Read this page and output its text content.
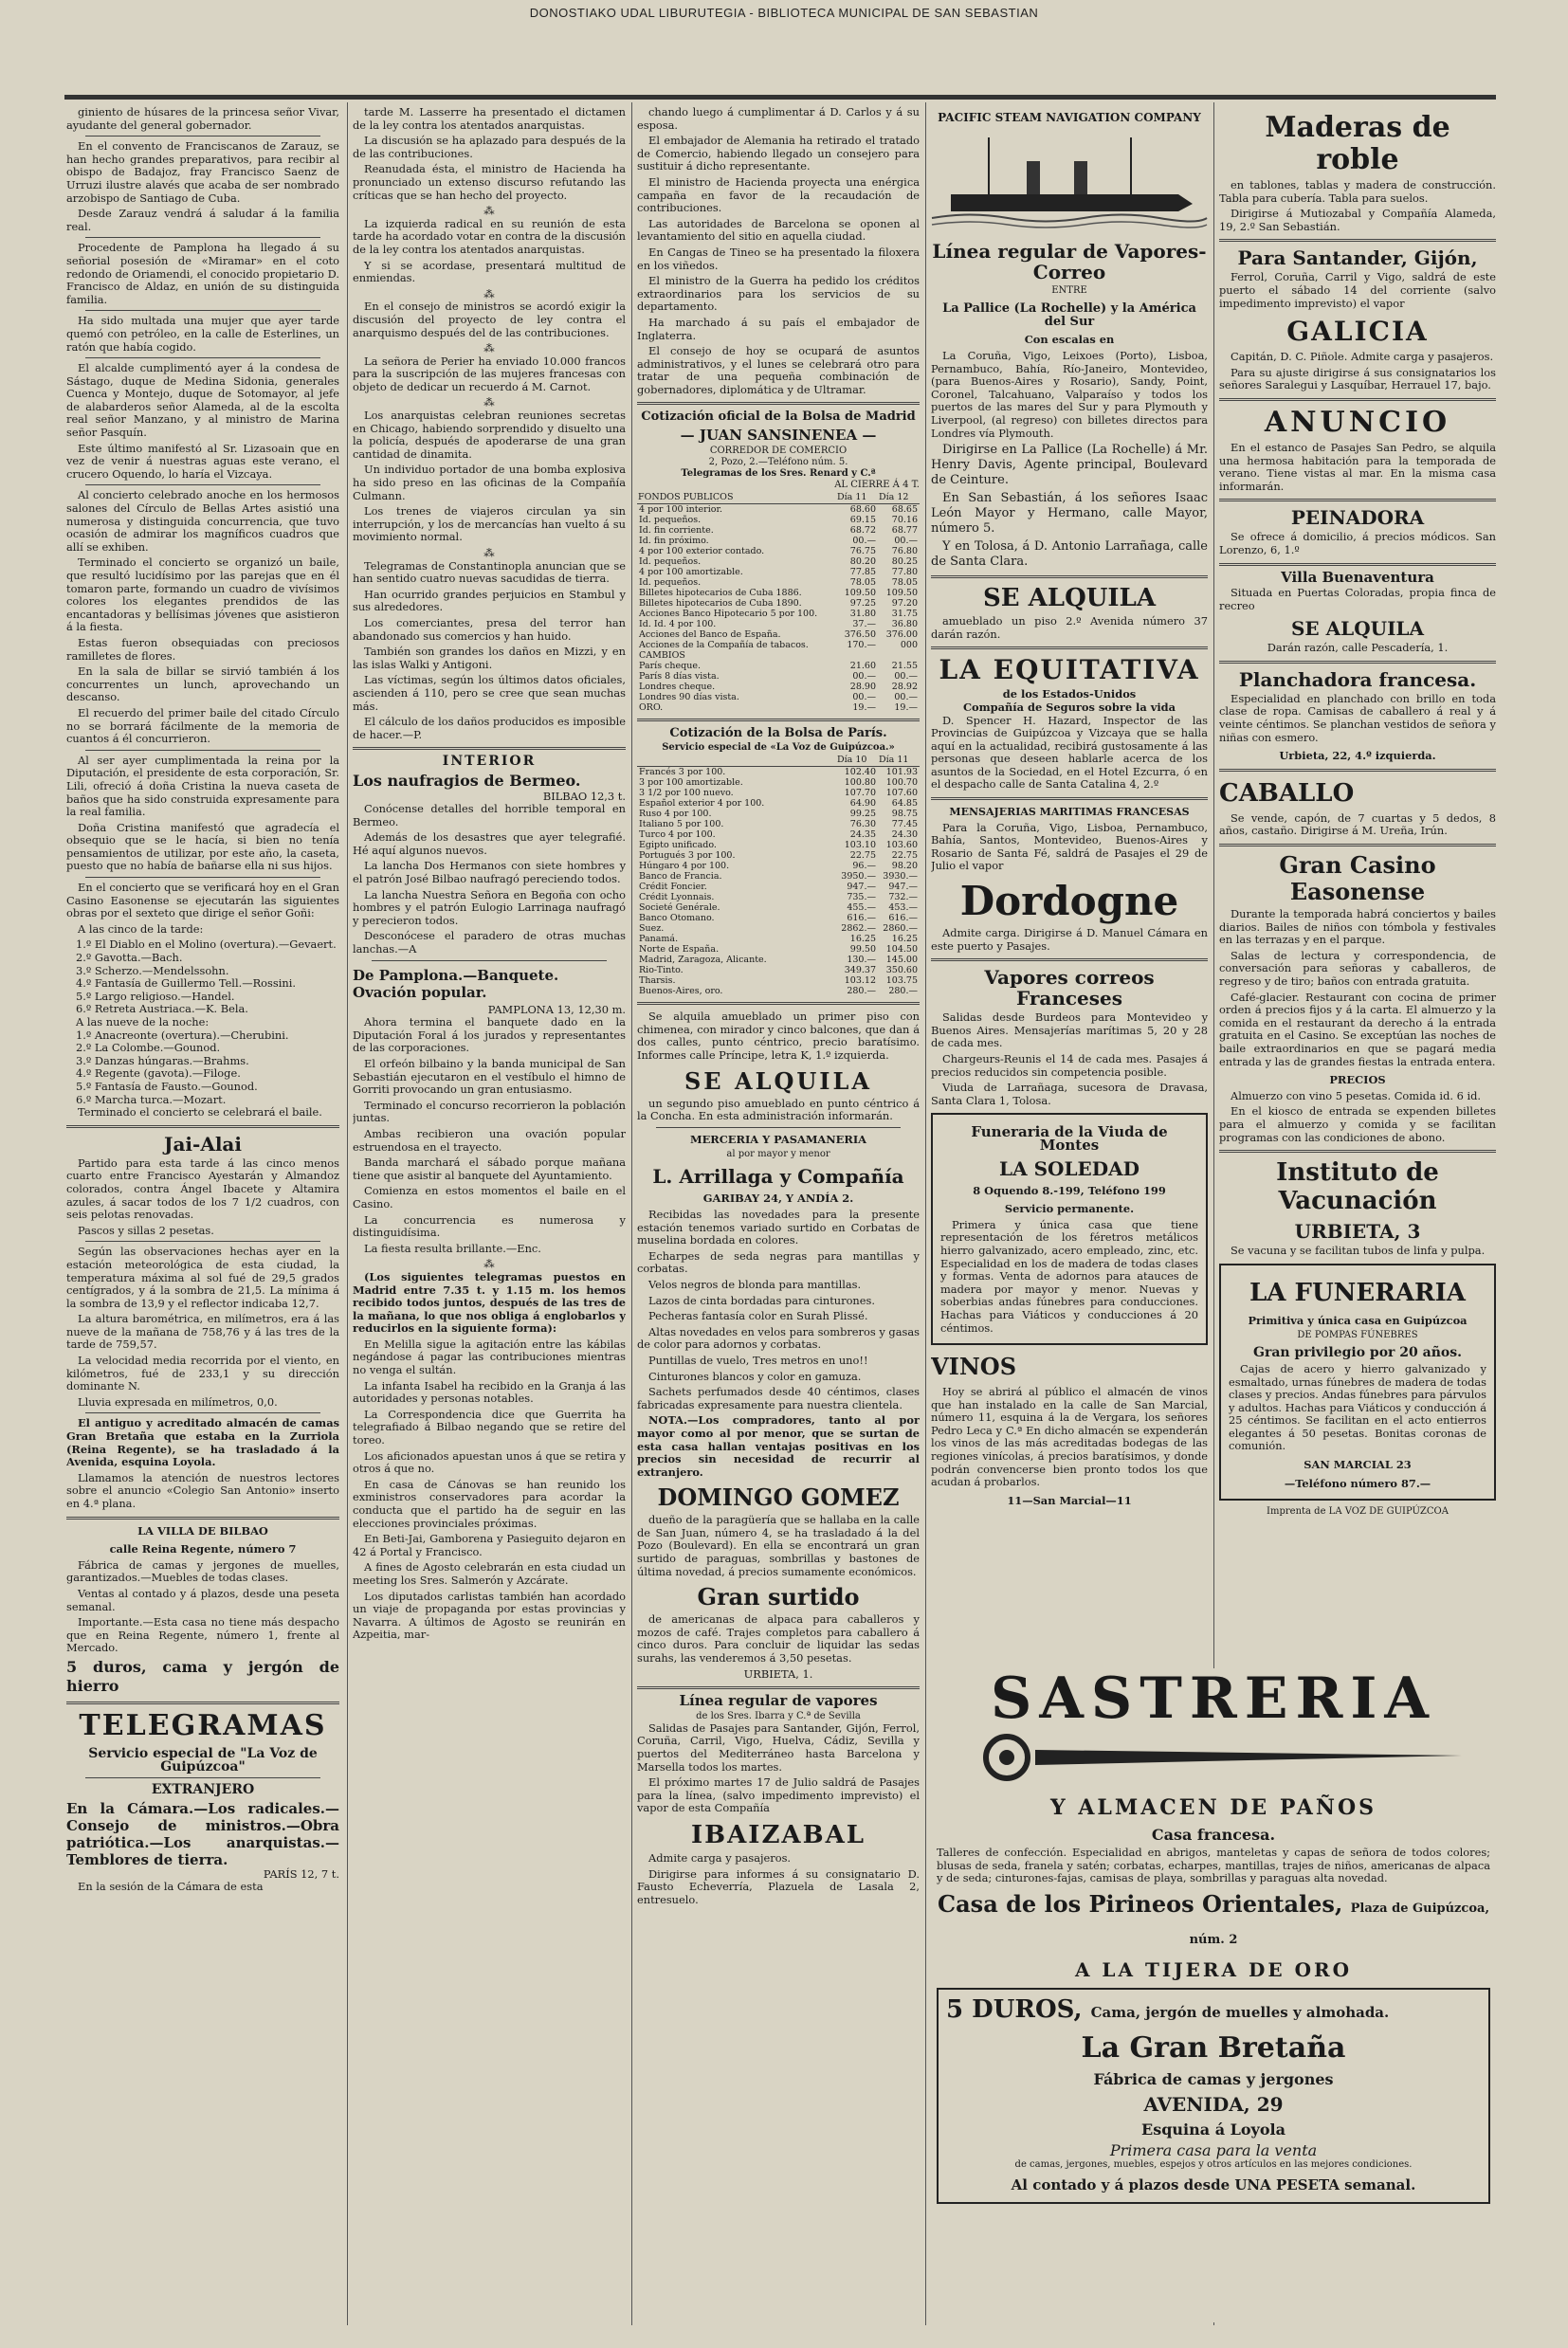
DONOSTIAKO UDAL LIBURUTEGIA - BIBLIOTECA MUNICIPAL DE SAN SEBASTIAN

giniento de húsares de la princesa señor Vivar, ayudante del general gobernador.

En el convento de Franciscanos de Zarauz, se han hecho grandes preparativos, para recibir al obispo de Badajoz, fray Francisco Saenz de Urruzi ilustre alavés que acaba de ser nombrado arzobispo de Santiago de Cuba.

Desde Zarauz vendrá á saludar á la familia real.

Procedente de Pamplona ha llegado á su señorial posesión de «Miramar» en el coto redondo de Oriamendi, el conocido propietario D. Francisco de Aldaz, en unión de su distinguida familia.

Ha sido multada una mujer que ayer tarde quemó con petróleo, en la calle de Esterlines, un ratón que había cogido.

El alcalde cumplimentó ayer á la condesa de Sástago, duque de Medina Sidonia, generales Cuenca y Montejo, duque de Sotomayor, al jefe de alabarderos señor Alameda, al de la escolta real señor Manzano, y al ministro de Marina señor Pasquín.

Este último manifestó al Sr. Lizasoain que en vez de venir á nuestras aguas este verano, el crucero Oquendo, lo haría el Vizcaya.

Al concierto celebrado anoche en los hermosos salones del Círculo de Bellas Artes asistió una numerosa y distinguida concurrencia, que tuvo ocasión de admirar los magníficos cuadros que allí se exhiben.

Terminado el concierto se organizó un baile, que resultó lucidísimo por las parejas que en él tomaron parte, formando un cuadro de vivísimos colores los elegantes prendidos de las encantadoras y bellísimas jóvenes que asistieron á la fiesta.

Estas fueron obsequiadas con preciosos ramilletes de flores.

En la sala de billar se sirvió también á los concurrentes un lunch, aprovechando un descanso.

El recuerdo del primer baile del citado Círculo no se borrará fácilmente de la memoria de cuantos á él concurrieron.

Al ser ayer cumplimentada la reina por la Diputación, el presidente de esta corporación, Sr. Lili, ofreció á doña Cristina la nueva caseta de baños que ha sido construida expresamente para la real familia.

Doña Cristina manifestó que agradecía el obsequio que se le hacía, si bien no tenía pensamientos de utilizar, por este año, la caseta, puesto que no había de bañarse ella ni sus hijos.

En el concierto que se verificará hoy en el Gran Casino Easonense se ejecutarán las siguientes obras por el sexteto que dirige el señor Goñi:

A las cinco de la tarde:

1.º El Diablo en el Molino (overtura).—Gevaert.
2.º Gavotta.—Bach.
3.º Scherzo.—Mendelssohn.
4.º Fantasía de Guillermo Tell.—Rossini.
5.º Largo religioso.—Handel.
6.º Retreta Austriaca.—K. Bela.
A las nueve de la noche:
1.º Anacreonte (overtura).—Cherubini.
2.º La Colombe.—Gounod.
3.º Danzas húngaras.—Brahms.
4.º Regente (gavota).—Filoge.
5.º Fantasía de Fausto.—Gounod.
6.º Marcha turca.—Mozart.

Terminado el concierto se celebrará el baile.

Jai-Alai

Partido para esta tarde á las cinco menos cuarto entre Francisco Ayestarán y Almandoz colorados, contra Ángel Ibacete y Altamira azules, á sacar todos de los 7 1/2 cuadros, con seis pelotas renovadas.

Pascos y sillas 2 pesetas.

Según las observaciones hechas ayer en la estación meteorológica de esta ciudad, la temperatura máxima al sol fué de 29,5 grados centígrados, y á la sombra de 21,5. La mínima á la sombra de 13,9 y el reflector indicaba 12,7.

La altura barométrica, en milímetros, era á las nueve de la mañana de 758,76 y á las tres de la tarde de 759,57.

La velocidad media recorrida por el viento, en kilómetros, fué de 233,1 y su dirección dominante N.

Lluvia expresada en milímetros, 0,0.

El antiguo y acreditado almacén de camas Gran Bretaña que estaba en la Zurriola (Reina Regente), se ha trasladado á la Avenida, esquina Loyola.

Llamamos la atención de nuestros lectores sobre el anuncio «Colegio San Antonio» inserto en 4.ª plana.

LA VILLA DE BILBAO
calle Reina Regente, número 7

Fábrica de camas y jergones de muelles, garantizados.—Muebles de todas clases.

Ventas al contado y á plazos, desde una peseta semanal.

Importante.—Esta casa no tiene más despacho que en Reina Regente, número 1, frente al Mercado.

5 duros, cama y jergón de hierro
TELEGRAMAS
Servicio especial de "La Voz de Guipúzcoa"
EXTRANJERO
En la Cámara.—Los radicales.—Consejo de ministros.—Obra patriótica.—Los anarquistas.—Temblores de tierra.
PARÍS 12, 7 t.

En la sesión de la Cámara de esta

tarde M. Lasserre ha presentado el dictamen de la ley contra los atentados anarquistas.

La discusión se ha aplazado para después de la de las contribuciones.

Reanudada ésta, el ministro de Hacienda ha pronunciado un extenso discurso refutando las críticas que se han hecho del proyecto.

⁂

La izquierda radical en su reunión de esta tarde ha acordado votar en contra de la discusión de la ley contra los atentados anarquistas.

Y si se acordase, presentará multitud de enmiendas.

⁂

En el consejo de ministros se acordó exigir la discusión del proyecto de ley contra el anarquismo después del de las contribuciones.

⁂

La señora de Perier ha enviado 10.000 francos para la suscripción de las mujeres francesas con objeto de dedicar un recuerdo á M. Carnot.

⁂

Los anarquistas celebran reuniones secretas en Chicago, habiendo sorprendido y disuelto una la policía, después de apoderarse de una gran cantidad de dinamita.

Un individuo portador de una bomba explosiva ha sido preso en las oficinas de la Compañía Culmann.

Los trenes de viajeros circulan ya sin interrupción, y los de mercancías han vuelto á su movimiento normal.

⁂

Telegramas de Constantinopla anuncian que se han sentido cuatro nuevas sacudidas de tierra.

Han ocurrido grandes perjuicios en Stambul y sus alrededores.

Los comerciantes, presa del terror han abandonado sus comercios y han huido.

También son grandes los daños en Mizzi, y en las islas Walki y Antigoni.

Las víctimas, según los últimos datos oficiales, ascienden á 110, pero se cree que sean muchas más.

El cálculo de los daños producidos es imposible de hacer.—P.

INTERIOR
Los naufragios de Bermeo.
BILBAO 12,3 t.

Conócense detalles del horrible temporal en Bermeo.

Además de los desastres que ayer telegrafié. Hé aquí algunos nuevos.

La lancha Dos Hermanos con siete hombres y el patrón José Bilbao naufragó pereciendo todos.

La lancha Nuestra Señora en Begoña con ocho hombres y el patrón Eulogio Larrinaga naufragó y perecieron todos.

Desconócese el paradero de otras muchas lanchas.—A

De Pamplona.—Banquete. Ovación popular.
PAMPLONA 13, 12,30 m.

Ahora termina el banquete dado en la Diputación Foral á los jurados y representantes de las corporaciones.

El orfeón bilbaino y la banda municipal de San Sebastián ejecutaron en el vestíbulo el himno de Gorriti provocando un gran entusiasmo.

Terminado el concurso recorrieron la población juntas.

Ambas recibieron una ovación popular estruendosa en el trayecto.

Banda marchará el sábado porque mañana tiene que asistir al banquete del Ayuntamiento.

Comienza en estos momentos el baile en el Casino.

La concurrencia es numerosa y distinguidísima.

La fiesta resulta brillante.—Enc.

⁂

(Los siguientes telegramas puestos en Madrid entre 7.35 t. y 1.15 m. los hemos recibido todos juntos, después de las tres de la mañana, lo que nos obliga á englobarlos y reducirlos en la siguiente forma):

En Melilla sigue la agitación entre las kábilas negándose á pagar las contribuciones mientras no venga el sultán.

La infanta Isabel ha recibido en la Granja á las autoridades y personas notables.

La Correspondencia dice que Guerrita ha telegrafiado á Bilbao negando que se retire del toreo.

Los aficionados apuestan unos á que se retira y otros á que no.

En casa de Cánovas se han reunido los exministros conservadores para acordar la conducta que el partido ha de seguir en las elecciones provinciales próximas.

En Beti-Jai, Gamborena y Pasieguito dejaron en 42 á Portal y Francisco.

A fines de Agosto celebrarán en esta ciudad un meeting los Sres. Salmerón y Azcárate.

Los diputados carlistas también han acordado un viaje de propaganda por estas provincias y Navarra. A últimos de Agosto se reunirán en Azpeitia, mar-

chando luego á cumplimentar á D. Carlos y á su esposa.

El embajador de Alemania ha retirado el tratado de Comercio, habiendo llegado un consejero para sustituir á dicho representante.

El ministro de Hacienda proyecta una enérgica campaña en favor de la recaudación de contribuciones.

Las autoridades de Barcelona se oponen al levantamiento del sitio en aquella ciudad.

En Cangas de Tineo se ha presentado la filoxera en los viñedos.

El ministro de la Guerra ha pedido los créditos extraordinarios para los servicios de su departamento.

Ha marchado á su país el embajador de Inglaterra.

El consejo de hoy se ocupará de asuntos administrativos, y el lunes se celebrará otro para tratar de una pequeña combinación de gobernadores, diplomática y de Ultramar.

Cotización oficial de la Bolsa de Madrid
— JUAN SANSINENEA —
CORREDOR DE COMERCIO
2, Pozo, 2.—Teléfono núm. 5.
Telegramas de los Sres. Renard y C.ª
AL CIERRE Á 4 T.
FONDOS PUBLICOS	Día 11	Día 12
4 por 100 interior.	68.60	68.65
Id. pequeños.	69.15	70.16
Id. fin corriente.	68.72	68.77
Id. fin próximo.	00.—	00.—
4 por 100 exterior contado.	76.75	76.80
Id. pequeños.	80.20	80.25
4 por 100 amortizable.	77.85	77.80
Id. pequeños.	78.05	78.05
Billetes hipotecarios de Cuba 1886.	109.50	109.50
Billetes hipotecarios de Cuba 1890.	97.25	97.20
Acciones Banco Hipotecario 5 por 100.	31.80	31.75
Id. Id. 4 por 100.	37.—	36.80
Acciones del Banco de España.	376.50	376.00
Acciones de la Compañía de tabacos.	170.—	000
CAMBIOS		
París cheque.	21.60	21.55
París 8 días vista.	00.—	00.—
Londres cheque.	28.90	28.92
Londres 90 días vista.	00.—	00.—
ORO.	19.—	19.—
Cotización de la Bolsa de París.
Servicio especial de «La Voz de Guipúzcoa.»
	Día 10	Día 11
Francés 3 por 100.	102.40	101.93
3 por 100 amortizable.	100.80	100.70
3 1/2 por 100 nuevo.	107.70	107.60
Español exterior 4 por 100.	64.90	64.85
Ruso 4 por 100.	99.25	98.75
Italiano 5 por 100.	76.30	77.45
Turco 4 por 100.	24.35	24.30
Egipto unificado.	103.10	103.60
Portugués 3 por 100.	22.75	22.75
Húngaro 4 por 100.	96.—	98.20
Banco de Francia.	3950.—	3930.—
Crédit Foncier.	947.—	947.—
Crédit Lyonnais.	735.—	732.—
Societé Genérale.	455.—	453.—
Banco Otomano.	616.—	616.—
Suez.	2862.—	2860.—
Panamá.	16.25	16.25
Norte de España.	99.50	104.50
Madrid, Zaragoza, Alicante.	130.—	145.00
Rio-Tinto.	349.37	350.60
Tharsis.	103.12	103.75
Buenos-Aires, oro.	280.—	280.—

Se alquila amueblado un primer piso con chimenea, con mirador y cinco balcones, que dan á dos calles, punto céntrico, precio baratísimo. Informes calle Príncipe, letra K, 1.º izquierda.

SE ALQUILA

un segundo piso amueblado en punto céntrico á la Concha. En esta administración informarán.

MERCERIA Y PASAMANERIA
al por mayor y menor
L. Arrillaga y Compañía
GARIBAY 24, Y ANDÍA 2.

Recibidas las novedades para la presente estación tenemos variado surtido en Corbatas de muselina bordada en colores.

Echarpes de seda negras para mantillas y corbatas.

Velos negros de blonda para mantillas.

Lazos de cinta bordadas para cinturones.

Pecheras fantasía color en Surah Plissé.

Altas novedades en velos para sombreros y gasas de color para adornos y corbatas.

Puntillas de vuelo, Tres metros en uno!!

Cinturones blancos y color en gamuza.

Sachets perfumados desde 40 céntimos, clases fabricadas expresamente para nuestra clientela.

NOTA.—Los compradores, tanto al por mayor como al por menor, que se surtan de esta casa hallan ventajas positivas en los precios sin necesidad de recurrir al extranjero.

DOMINGO GOMEZ

dueño de la paragüería que se hallaba en la calle de San Juan, número 4, se ha trasladado á la del Pozo (Boulevard). En ella se encontrará un gran surtido de paraguas, sombrillas y bastones de última novedad, á precios sumamente económicos.

Gran surtido

de americanas de alpaca para caballeros y mozos de café. Trajes completos para caballero á cinco duros. Para concluir de liquidar las sedas surahs, las venderemos á 3,50 pesetas.

URBIETA, 1.
Línea regular de vapores
de los Sres. Ibarra y C.ª de Sevilla

Salidas de Pasajes para Santander, Gijón, Ferrol, Coruña, Carril, Vigo, Huelva, Cádiz, Sevilla y puertos del Mediterráneo hasta Barcelona y Marsella todos los martes.

El próximo martes 17 de Julio saldrá de Pasajes para la línea, (salvo impedimento imprevisto) el vapor de esta Compañía

IBAIZABAL

Admite carga y pasajeros.

Dirigirse para informes á su consignatario D. Fausto Echeverría, Plazuela de Lasala 2, entresuelo.

PACIFIC STEAM NAVIGATION COMPANY
Línea regular de Vapores-Correo
ENTRE
La Pallice (La Rochelle) y la América del Sur
Con escalas en

La Coruña, Vigo, Leixoes (Porto), Lisboa, Pernambuco, Bahía, Río-Janeiro, Montevideo, (para Buenos-Aires y Rosario), Sandy, Point, Coronel, Talcahuano, Valparaíso y todos los puertos de las mares del Sur y para Plymouth y Liverpool, (al regreso) con billetes directos para Londres vía Plymouth.

Dirigirse en La Pallice (La Rochelle) á Mr. Henry Davis, Agente principal, Boulevard de Ceinture.

En San Sebastián, á los señores Isaac León Mayor y Hermano, calle Mayor, número 5.

Y en Tolosa, á D. Antonio Larrañaga, calle de Santa Clara.

SE ALQUILA

amueblado un piso 2.º Avenida número 37 darán razón.

LA EQUITATIVA
de los Estados-Unidos
Compañía de Seguros sobre la vida

D. Spencer H. Hazard, Inspector de las Provincias de Guipúzcoa y Vizcaya que se halla aquí en la actualidad, recibirá gustosamente á las personas que deseen hablarle acerca de los asuntos de la Sociedad, en el Hotel Ezcurra, ó en el despacho calle de Santa Catalina 4, 2.º

MENSAJERIAS MARITIMAS FRANCESAS

Para la Coruña, Vigo, Lisboa, Pernambuco, Bahía, Santos, Montevideo, Buenos-Aires y Rosario de Santa Fé, saldrá de Pasajes el 29 de Julio el vapor

Dordogne

Admite carga. Dirigirse á D. Manuel Cámara en este puerto y Pasajes.

Vapores correos Franceses

Salidas desde Burdeos para Montevideo y Buenos Aires. Mensajerías marítimas 5, 20 y 28 de cada mes.

Chargeurs-Reunis el 14 de cada mes. Pasajes á precios reducidos sin competencia posible.

Viuda de Larrañaga, sucesora de Dravasa, Santa Clara 1, Tolosa.

Funeraria de la Viuda de Montes
LA SOLEDAD
8 Oquendo 8.-199, Teléfono 199
Servicio permanente.

Primera y única casa que tiene representación de los féretros metálicos hierro galvanizado, acero empleado, zinc, etc. Especialidad en los de madera de todas clases y formas. Venta de adornos para atauces de madera por mayor y menor. Nuevas y soberbias andas fúnebres para conducciones. Hachas para Viáticos y conducciones á 20 céntimos.

VINOS

Hoy se abrirá al público el almacén de vinos que han instalado en la calle de San Marcial, número 11, esquina á la de Vergara, los señores Pedro Leca y C.ª En dicho almacén se expenderán los vinos de las más acreditadas bodegas de las regiones vinícolas, á precios baratísimos, y donde podrán convencerse bien pronto todos los que acudan á probarlos.

11—San Marcial—11
Maderas de roble

en tablones, tablas y madera de construcción. Tabla para cubería. Tabla para suelos.

Dirigirse á Mutiozabal y Compañía Alameda, 19, 2.º San Sebastián.

Para Santander, Gijón,

Ferrol, Coruña, Carril y Vigo, saldrá de este puerto el sábado 14 del corriente (salvo impedimento imprevisto) el vapor

GALICIA

Capitán, D. C. Piñole. Admite carga y pasajeros.

Para su ajuste dirigirse á sus consignatarios los señores Saralegui y Lasquíbar, Herrauel 17, bajo.

ANUNCIO

En el estanco de Pasajes San Pedro, se alquila una hermosa habitación para la temporada de verano. Tiene vistas al mar. En la misma casa informarán.

PEINADORA

Se ofrece á domicilio, á precios módicos. San Lorenzo, 6, 1.º

Villa Buenaventura

Situada en Puertas Coloradas, propia finca de recreo

SE ALQUILA
Darán razón, calle Pescadería, 1.
Planchadora francesa.

Especialidad en planchado con brillo en toda clase de ropa. Camisas de caballero á real y á veinte céntimos. Se planchan vestidos de señora y niñas con esmero.

Urbieta, 22, 4.º izquierda.
CABALLO

Se vende, capón, de 7 cuartas y 5 dedos, 8 años, castaño. Dirigirse á M. Ureña, Irún.

Gran Casino Easonense

Durante la temporada habrá conciertos y bailes diarios. Bailes de niños con tómbola y festivales en las terrazas y en el parque.

Salas de lectura y correspondencia, de conversación para señoras y caballeros, de regreso y de tiro; baños con entrada gratuita.

Café-glacier. Restaurant con cocina de primer orden á precios fijos y á la carta. El almuerzo y la comida en el restaurant da derecho á la entrada gratuita en el Casino. Se exceptúan las noches de baile extraordinarios en que se pagará media entrada y las de grandes fiestas la entrada entera.

PRECIOS

Almuerzo con vino 5 pesetas. Comida id. 6 id.

En el kiosco de entrada se expenden billetes para el almuerzo y comida y se facilitan programas con las condiciones de abono.

Instituto de Vacunación
URBIETA, 3

Se vacuna y se facilitan tubos de linfa y pulpa.

LA FUNERARIA
Primitiva y única casa en Guipúzcoa
DE POMPAS FÚNEBRES
Gran privilegio por 20 años.

Cajas de acero y hierro galvanizado y esmaltado, urnas fúnebres de madera de todas clases y precios. Andas fúnebres para párvulos y adultos. Hachas para Viáticos y conducción á 25 céntimos. Se facilitan en el acto entierros elegantes á 50 pesetas. Bonitas coronas de comunión.

SAN MARCIAL 23
—Teléfono número 87.—
Imprenta de LA VOZ DE GUIPÚZCOA
SASTRERIA
Y ALMACEN DE PAÑOS
Casa francesa.

Talleres de confección. Especialidad en abrigos, manteletas y capas de señora de todos colores; blusas de seda, franela y satén; corbatas, echarpes, mantillas, trajes de niños, americanas de alpaca y de seda; cinturones-fajas, camisas de playa, sombrillas y paraguas alta novedad.

Casa de los Pirineos Orientales, Plaza de Guipúzcoa, núm. 2
A LA TIJERA DE ORO
5 DUROS, Cama, jergón de muelles y almohada.
La Gran Bretaña
Fábrica de camas y jergones
AVENIDA, 29
Esquina á Loyola
Primera casa para la venta
de camas, jergones, muebles, espejos y otros artículos en las mejores condiciones.
Al contado y á plazos desde UNA PESETA semanal.
